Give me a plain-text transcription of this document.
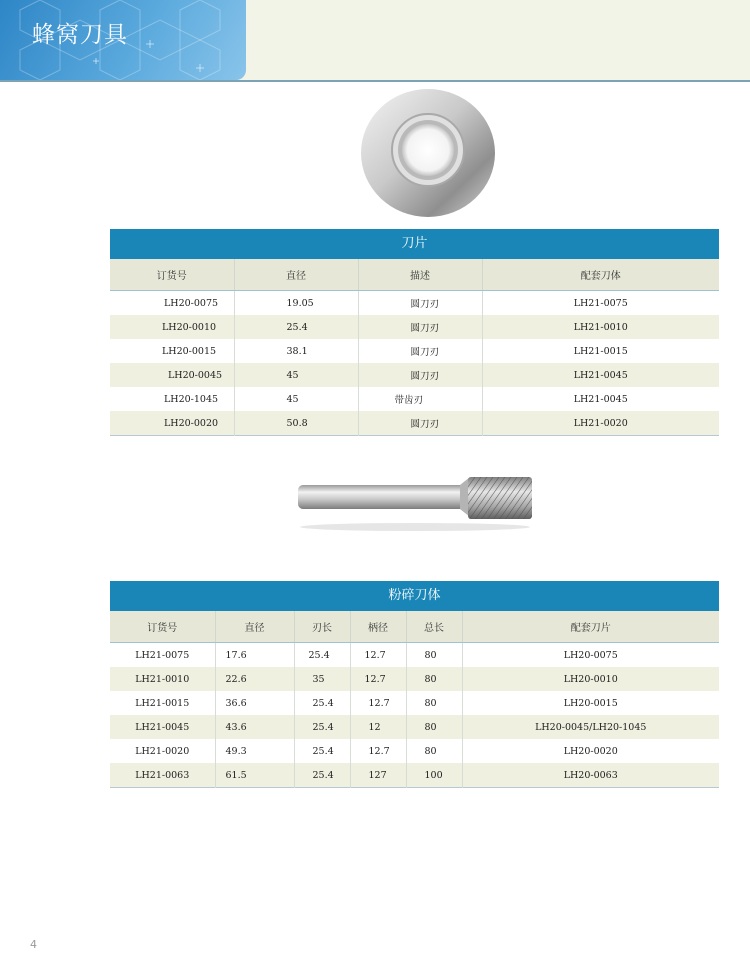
蜂窝刀具
刀片
订货号	直径	描述	配套刀体
LH20-0075	19.05	圆刀刃	LH21-0075
LH20-0010	25.4	圆刀刃	LH21-0010
LH20-0015	38.1	圆刀刃	LH21-0015
LH20-0045	45	圆刀刃	LH21-0045
LH20-1045	45	带齿刃	LH21-0045
LH20-0020	50.8	圆刀刃	LH21-0020
粉碎刀体
订货号	直径	刃长	柄径	总长	配套刀片
LH21-0075	17.6	25.4	12.7	80	LH20-0075
LH21-0010	22.6	35	12.7	80	LH20-0010
LH21-0015	36.6	25.4	12.7	80	LH20-0015
LH21-0045	43.6	25.4	12	80	LH20-0045/LH20-1045
LH21-0020	49.3	25.4	12.7	80	LH20-0020
LH21-0063	61.5	25.4	127	100	LH20-0063
4
